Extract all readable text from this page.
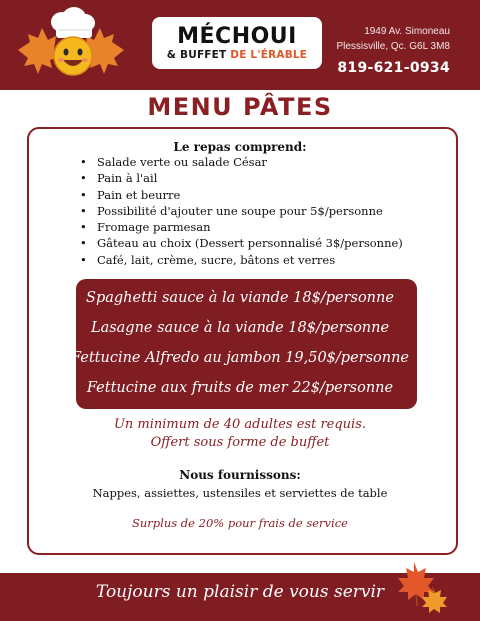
MÉCHOUI
& BUFFET DE L'ÉRABLE
1949 Av. Simoneau
Plessisville, Qc. G6L 3M8
819-621-0934
MENU PÂTES
Le repas comprend:
• Salade verte ou salade César
• Pain à l'ail
• Pain et beurre
• Possibilité d'ajouter une soupe pour 5$/personne
• Fromage parmesan
• Gâteau au choix (Dessert personnalisé 3$/personne)
• Café, lait, crème, sucre, bâtons et verres
Spaghetti sauce à la viande 18$/personne
Lasagne sauce à la viande 18$/personne
Fettucine Alfredo au jambon 19,50$/personne
Fettucine aux fruits de mer 22$/personne
Un minimum de 40 adultes est requis.
Offert sous forme de buffet
Nous fournissons:
Nappes, assiettes, ustensiles et serviettes de table
Surplus de 20% pour frais de service
Toujours un plaisir de vous servir
